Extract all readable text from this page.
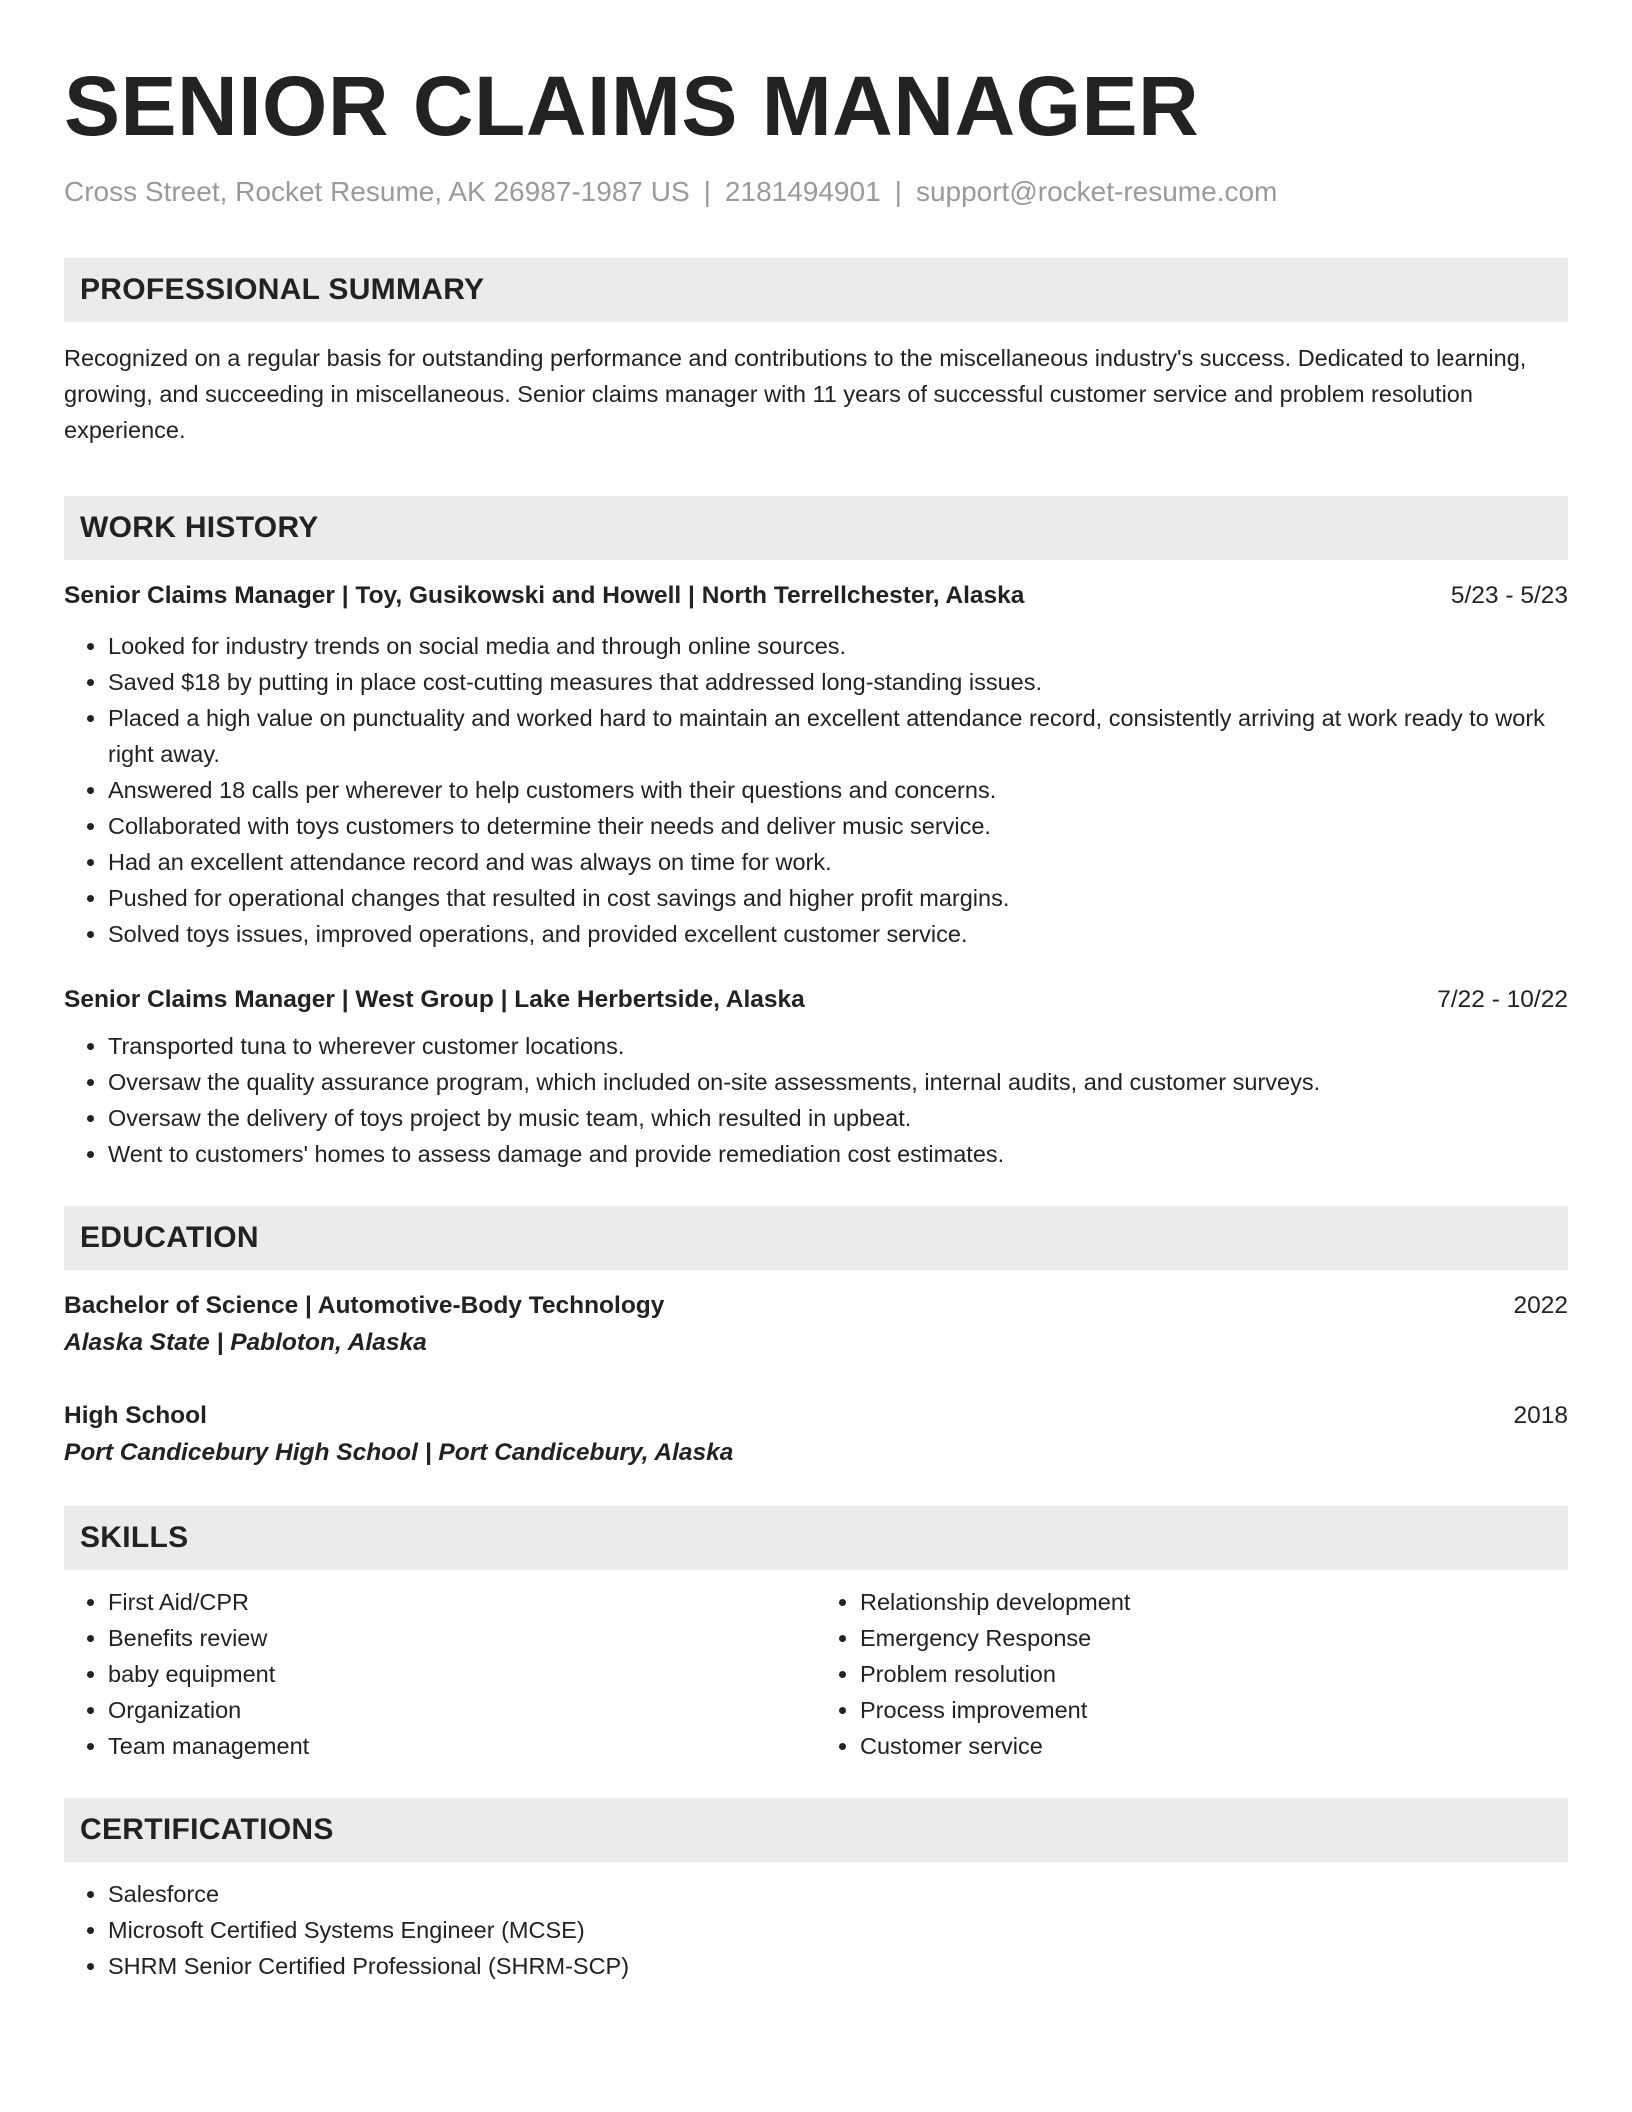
SENIOR CLAIMS MANAGER
Cross Street, Rocket Resume, AK 26987-1987 US | 2181494901 | support@rocket-resume.com
PROFESSIONAL SUMMARY
Recognized on a regular basis for outstanding performance and contributions to the miscellaneous industry's success. Dedicated to learning, growing, and succeeding in miscellaneous. Senior claims manager with 11 years of successful customer service and problem resolution experience.
WORK HISTORY
Senior Claims Manager | Toy, Gusikowski and Howell | North Terrellchester, Alaska	5/23 - 5/23
• Looked for industry trends on social media and through online sources.
• Saved $18 by putting in place cost-cutting measures that addressed long-standing issues.
• Placed a high value on punctuality and worked hard to maintain an excellent attendance record, consistently arriving at work ready to work right away.
• Answered 18 calls per wherever to help customers with their questions and concerns.
• Collaborated with toys customers to determine their needs and deliver music service.
• Had an excellent attendance record and was always on time for work.
• Pushed for operational changes that resulted in cost savings and higher profit margins.
• Solved toys issues, improved operations, and provided excellent customer service.
Senior Claims Manager | West Group | Lake Herbertside, Alaska	7/22 - 10/22
• Transported tuna to wherever customer locations.
• Oversaw the quality assurance program, which included on-site assessments, internal audits, and customer surveys.
• Oversaw the delivery of toys project by music team, which resulted in upbeat.
• Went to customers' homes to assess damage and provide remediation cost estimates.
EDUCATION
Bachelor of Science | Automotive-Body Technology	2022
Alaska State | Pabloton, Alaska
High School	2018
Port Candicebury High School | Port Candicebury, Alaska
SKILLS
• First Aid/CPR
• Benefits review
• baby equipment
• Organization
• Team management
• Relationship development
• Emergency Response
• Problem resolution
• Process improvement
• Customer service
CERTIFICATIONS
• Salesforce
• Microsoft Certified Systems Engineer (MCSE)
• SHRM Senior Certified Professional (SHRM-SCP)
